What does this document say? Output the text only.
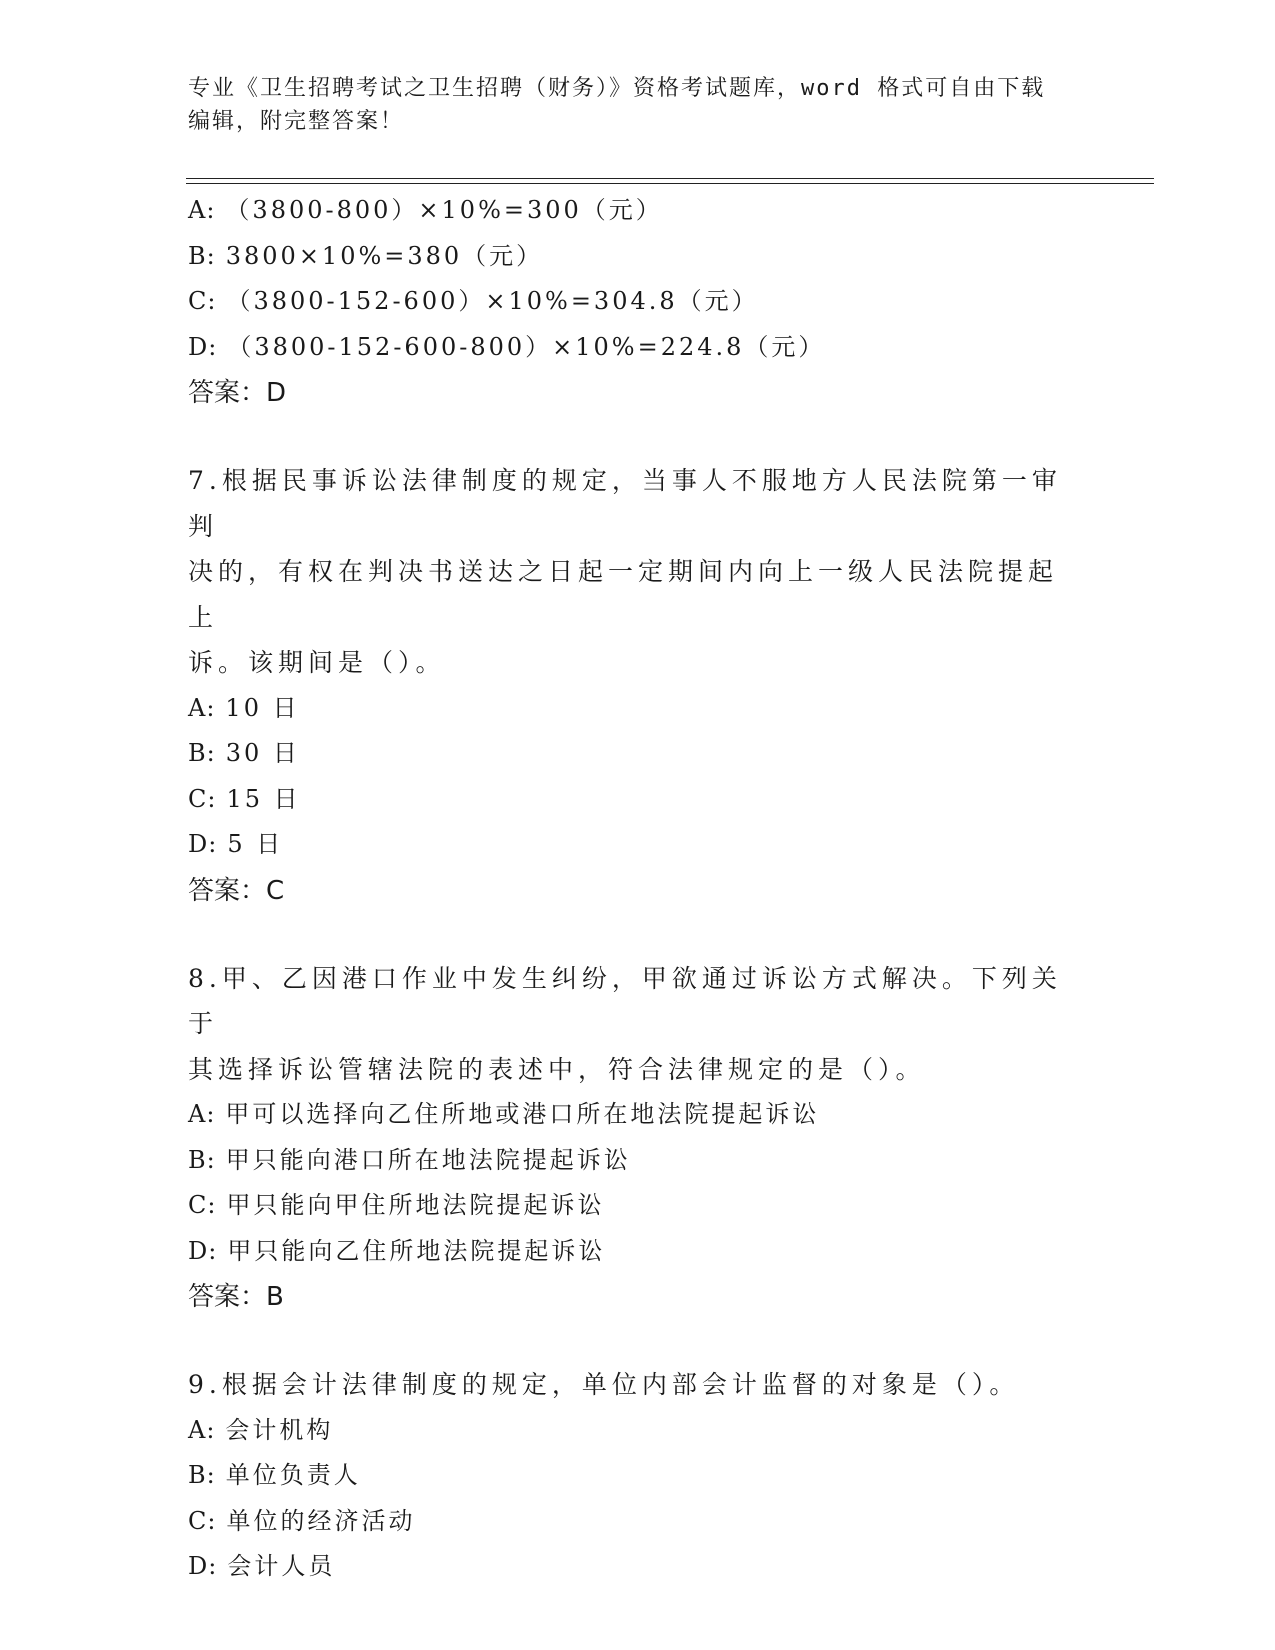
专业《卫生招聘考试之卫生招聘（财务）》资格考试题库，word 格式可自由下载
编辑，附完整答案！
A: （3800-800）×10%=300（元）
B: 3800×10%=380（元）
C: （3800-152-600）×10%=304.8（元）
D: （3800-152-600-800）×10%=224.8（元）
答案：D
7.根据民事诉讼法律制度的规定，当事人不服地方人民法院第一审判
决的，有权在判决书送达之日起一定期间内向上一级人民法院提起上
诉。该期间是（）。
A: 10 日
B: 30 日
C: 15 日
D: 5 日
答案：C
8.甲、乙因港口作业中发生纠纷，甲欲通过诉讼方式解决。下列关于
其选择诉讼管辖法院的表述中，符合法律规定的是（）。
A: 甲可以选择向乙住所地或港口所在地法院提起诉讼
B: 甲只能向港口所在地法院提起诉讼
C: 甲只能向甲住所地法院提起诉讼
D: 甲只能向乙住所地法院提起诉讼
答案：B
9.根据会计法律制度的规定，单位内部会计监督的对象是（）。
A: 会计机构
B: 单位负责人
C: 单位的经济活动
D: 会计人员
